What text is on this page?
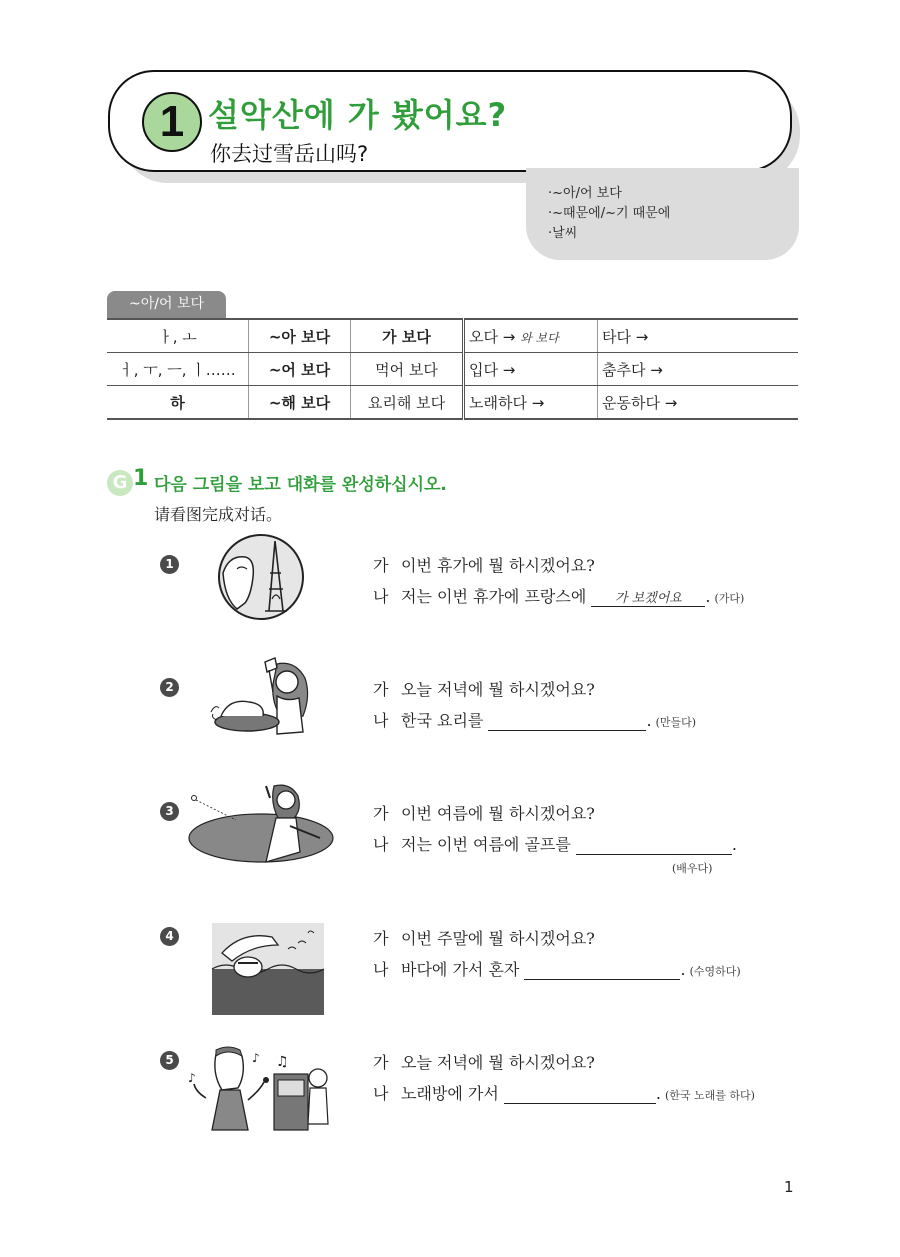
1 설악산에 가 봤어요?
你去过雪岳山吗?
·~아/어 보다
·~때문에/~기 때문에
·날씨
~아/어 보다
ㅏ, ㅗ	~아 보다	가 보다	오다 → 와 보다	타다 →
ㅓ, ㅜ, ㅡ, ㅣ……	~어 보다	먹어 보다	입다 →	춤추다 →
하	~해 보다	요리해 보다	노래하다 →	운동하다 →
G 1 다음 그림을 보고 대화를 완성하십시오.
请看图完成对话。
1	가 이번 휴가에 뭘 하시겠어요?
나 저는 이번 휴가에 프랑스에 가 보겠어요 . (가다)
2	가 오늘 저녁에 뭘 하시겠어요?
나 한국 요리를	. (만들다)
3	가 이번 여름에 뭘 하시겠어요?
나 저는 이번 여름에 골프를	.
(배우다)
4	가 이번 주말에 뭘 하시겠어요?
나 바다에 가서 혼자	. (수영하다)
5
♪
♫
♪	가 오늘 저녁에 뭘 하시겠어요?
나 노래방에 가서	. (한국 노래를 하다)
1
